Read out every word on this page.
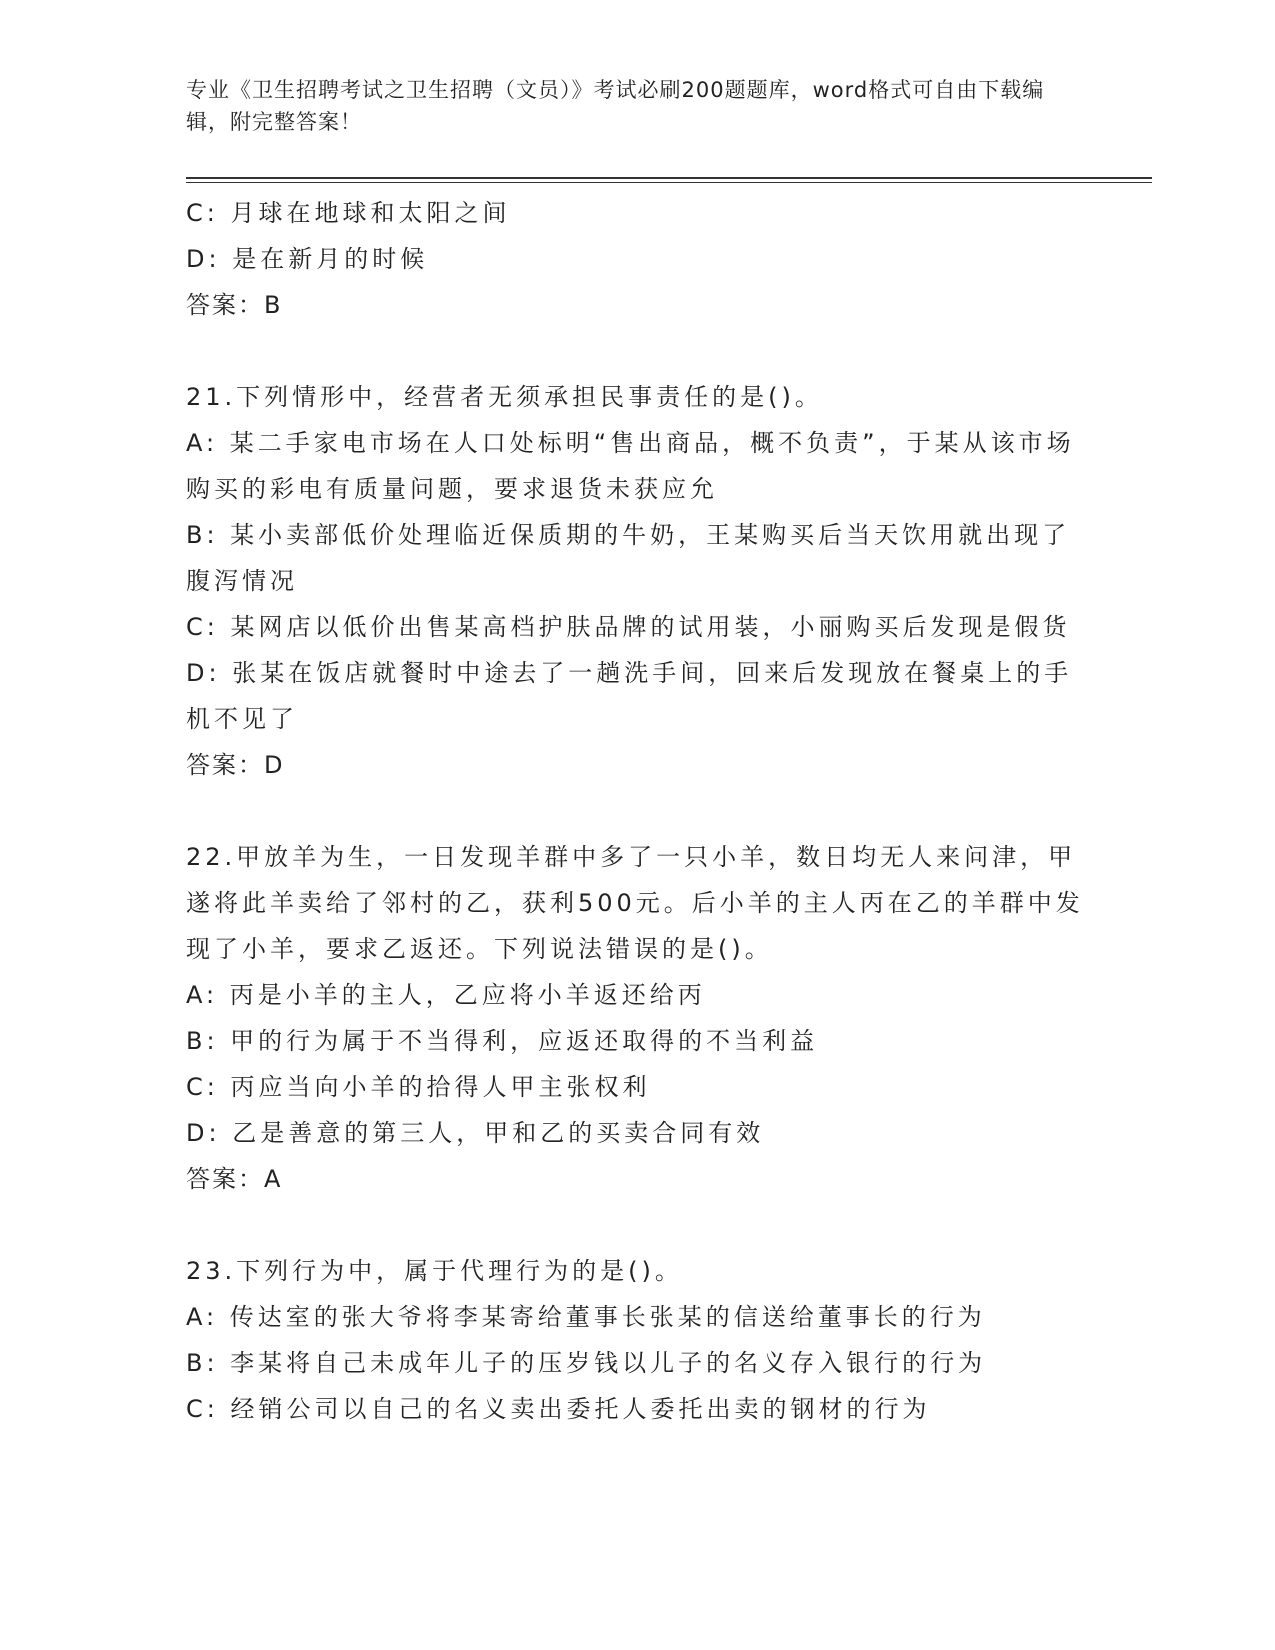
专业《卫生招聘考试之卫生招聘（文员）》考试必刷200题题库，word格式可自由下载编辑，附完整答案！

C: 月球在地球和太阳之间

D: 是在新月的时候

答案：B

21.下列情形中，经营者无须承担民事责任的是()。

A: 某二手家电市场在人口处标明“售出商品，概不负责”，于某从该市场购买的彩电有质量问题，要求退货未获应允

B: 某小卖部低价处理临近保质期的牛奶，王某购买后当天饮用就出现了腹泻情况

C: 某网店以低价出售某高档护肤品牌的试用装，小丽购买后发现是假货

D: 张某在饭店就餐时中途去了一趟洗手间，回来后发现放在餐桌上的手机不见了

答案：D

22.甲放羊为生，一日发现羊群中多了一只小羊，数日均无人来问津，甲遂将此羊卖给了邻村的乙，获利500元。后小羊的主人丙在乙的羊群中发现了小羊，要求乙返还。下列说法错误的是()。

A: 丙是小羊的主人，乙应将小羊返还给丙

B: 甲的行为属于不当得利，应返还取得的不当利益

C: 丙应当向小羊的拾得人甲主张权利

D: 乙是善意的第三人，甲和乙的买卖合同有效

答案：A

23.下列行为中，属于代理行为的是()。

A: 传达室的张大爷将李某寄给董事长张某的信送给董事长的行为

B: 李某将自己未成年儿子的压岁钱以儿子的名义存入银行的行为

C: 经销公司以自己的名义卖出委托人委托出卖的钢材的行为
